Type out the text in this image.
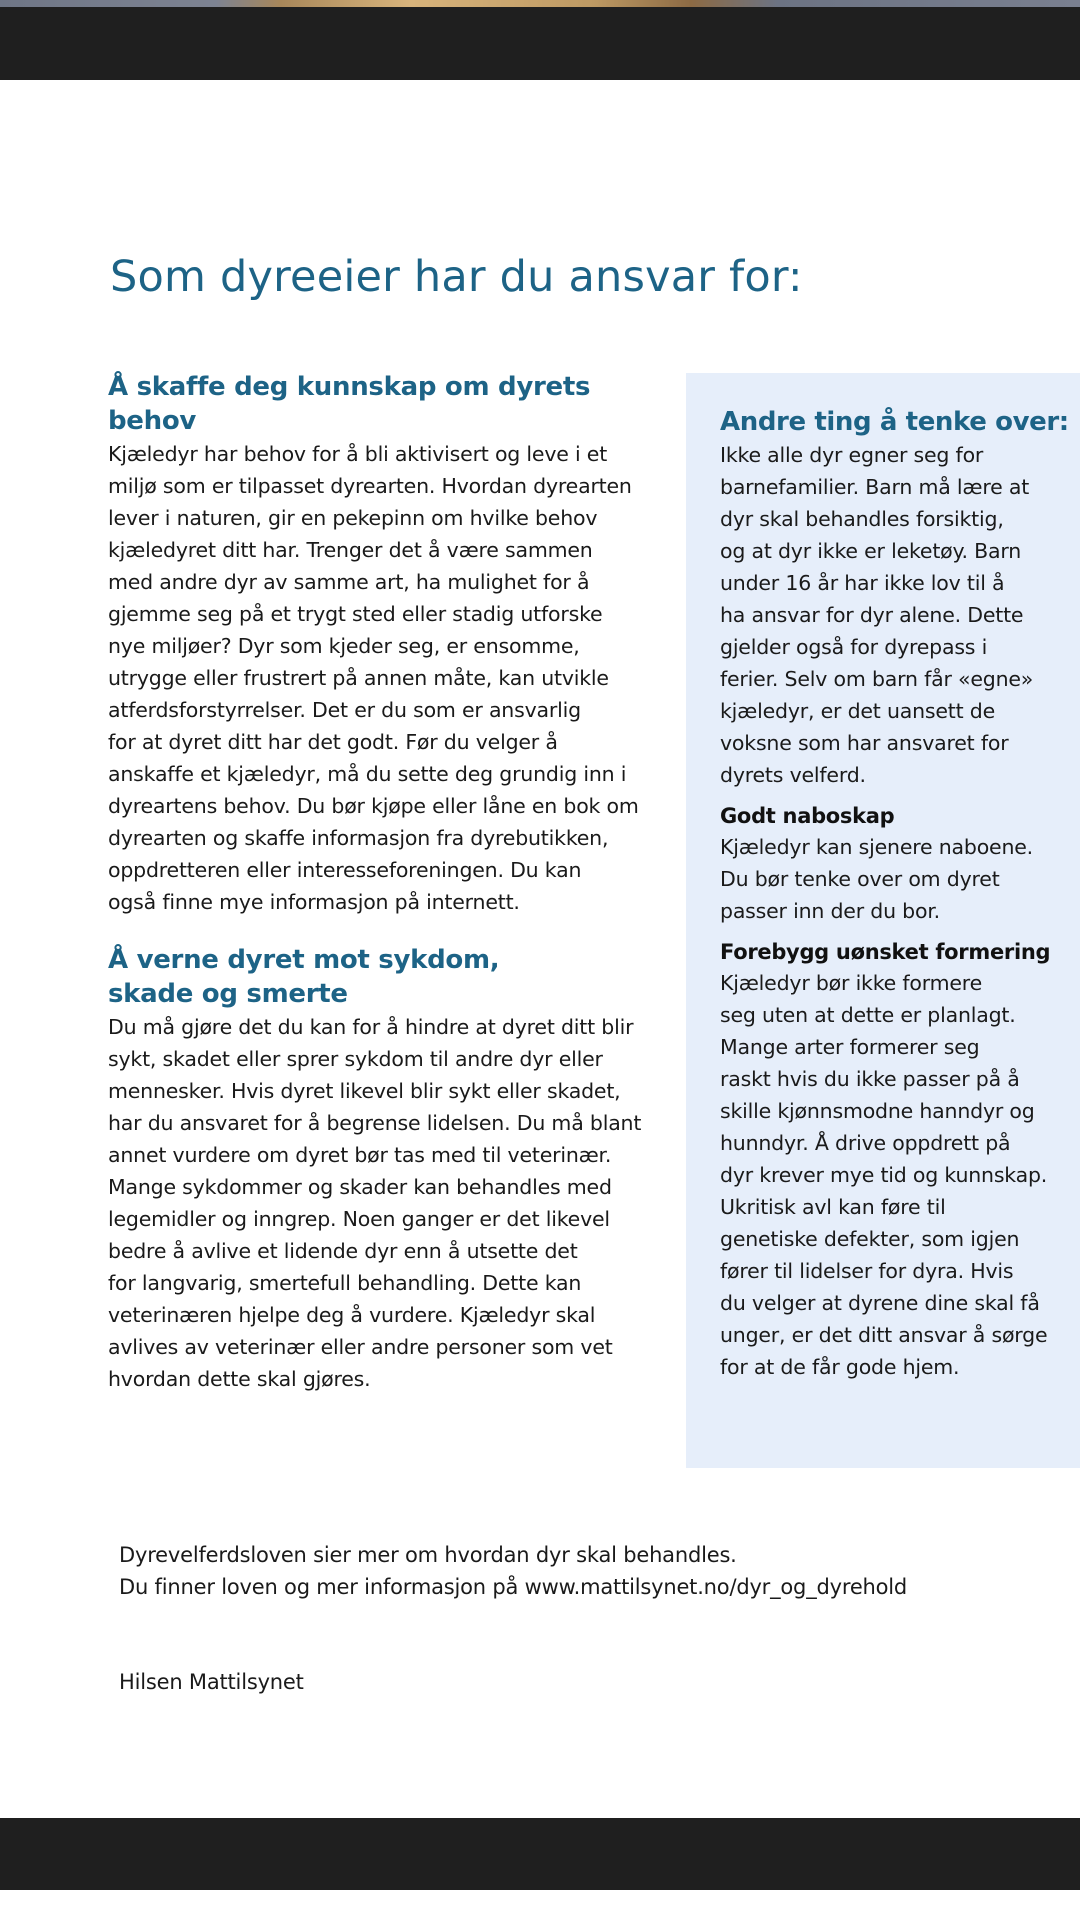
Som dyreeier har du ansvar for:
Å skaffe deg kunnskap om dyrets behov

Kjæledyr har behov for å bli aktivisert og leve i et
miljø som er tilpasset dyrearten. Hvordan dyrearten
lever i naturen, gir en pekepinn om hvilke behov
kjæledyret ditt har. Trenger det å være sammen
med andre dyr av samme art, ha mulighet for å
gjemme seg på et trygt sted eller stadig utforske
nye miljøer? Dyr som kjeder seg, er ensomme,
utrygge eller frustrert på annen måte, kan utvikle
atferdsforstyrrelser. Det er du som er ansvarlig
for at dyret ditt har det godt. Før du velger å
anskaffe et kjæledyr, må du sette deg grundig inn i
dyreartens behov. Du bør kjøpe eller låne en bok om
dyrearten og skaffe informasjon fra dyrebutikken,
oppdretteren eller interesseforeningen. Du kan
også finne mye informasjon på internett.

Å verne dyret mot sykdom,
skade og smerte

Du må gjøre det du kan for å hindre at dyret ditt blir
sykt, skadet eller sprer sykdom til andre dyr eller
mennesker. Hvis dyret likevel blir sykt eller skadet,
har du ansvaret for å begrense lidelsen. Du må blant
annet vurdere om dyret bør tas med til veterinær.
Mange sykdommer og skader kan behandles med
legemidler og inngrep. Noen ganger er det likevel
bedre å avlive et lidende dyr enn å utsette det
for langvarig, smertefull behandling. Dette kan
veterinæren hjelpe deg å vurdere. Kjæledyr skal
avlives av veterinær eller andre personer som vet
hvordan dette skal gjøres.

Andre ting å tenke over:

Ikke alle dyr egner seg for
barnefamilier. Barn må lære at
dyr skal behandles forsiktig,
og at dyr ikke er leketøy. Barn
under 16 år har ikke lov til å
ha ansvar for dyr alene. Dette
gjelder også for dyrepass i
ferier. Selv om barn får «egne»
kjæledyr, er det uansett de
voksne som har ansvaret for
dyrets velferd.

Godt naboskap

Kjæledyr kan sjenere naboene.
Du bør tenke over om dyret
passer inn der du bor.

Forebygg uønsket formering

Kjæledyr bør ikke formere
seg uten at dette er planlagt.
Mange arter formerer seg
raskt hvis du ikke passer på å
skille kjønnsmodne hanndyr og
hunndyr. Å drive oppdrett på
dyr krever mye tid og kunnskap.
Ukritisk avl kan føre til
genetiske defekter, som igjen
fører til lidelser for dyra. Hvis
du velger at dyrene dine skal få
unger, er det ditt ansvar å sørge
for at de får gode hjem.

Dyrevelferdsloven sier mer om hvordan dyr skal behandles.

Du finner loven og mer informasjon på www.mattilsynet.no/dyr_og_dyrehold

Hilsen Mattilsynet
